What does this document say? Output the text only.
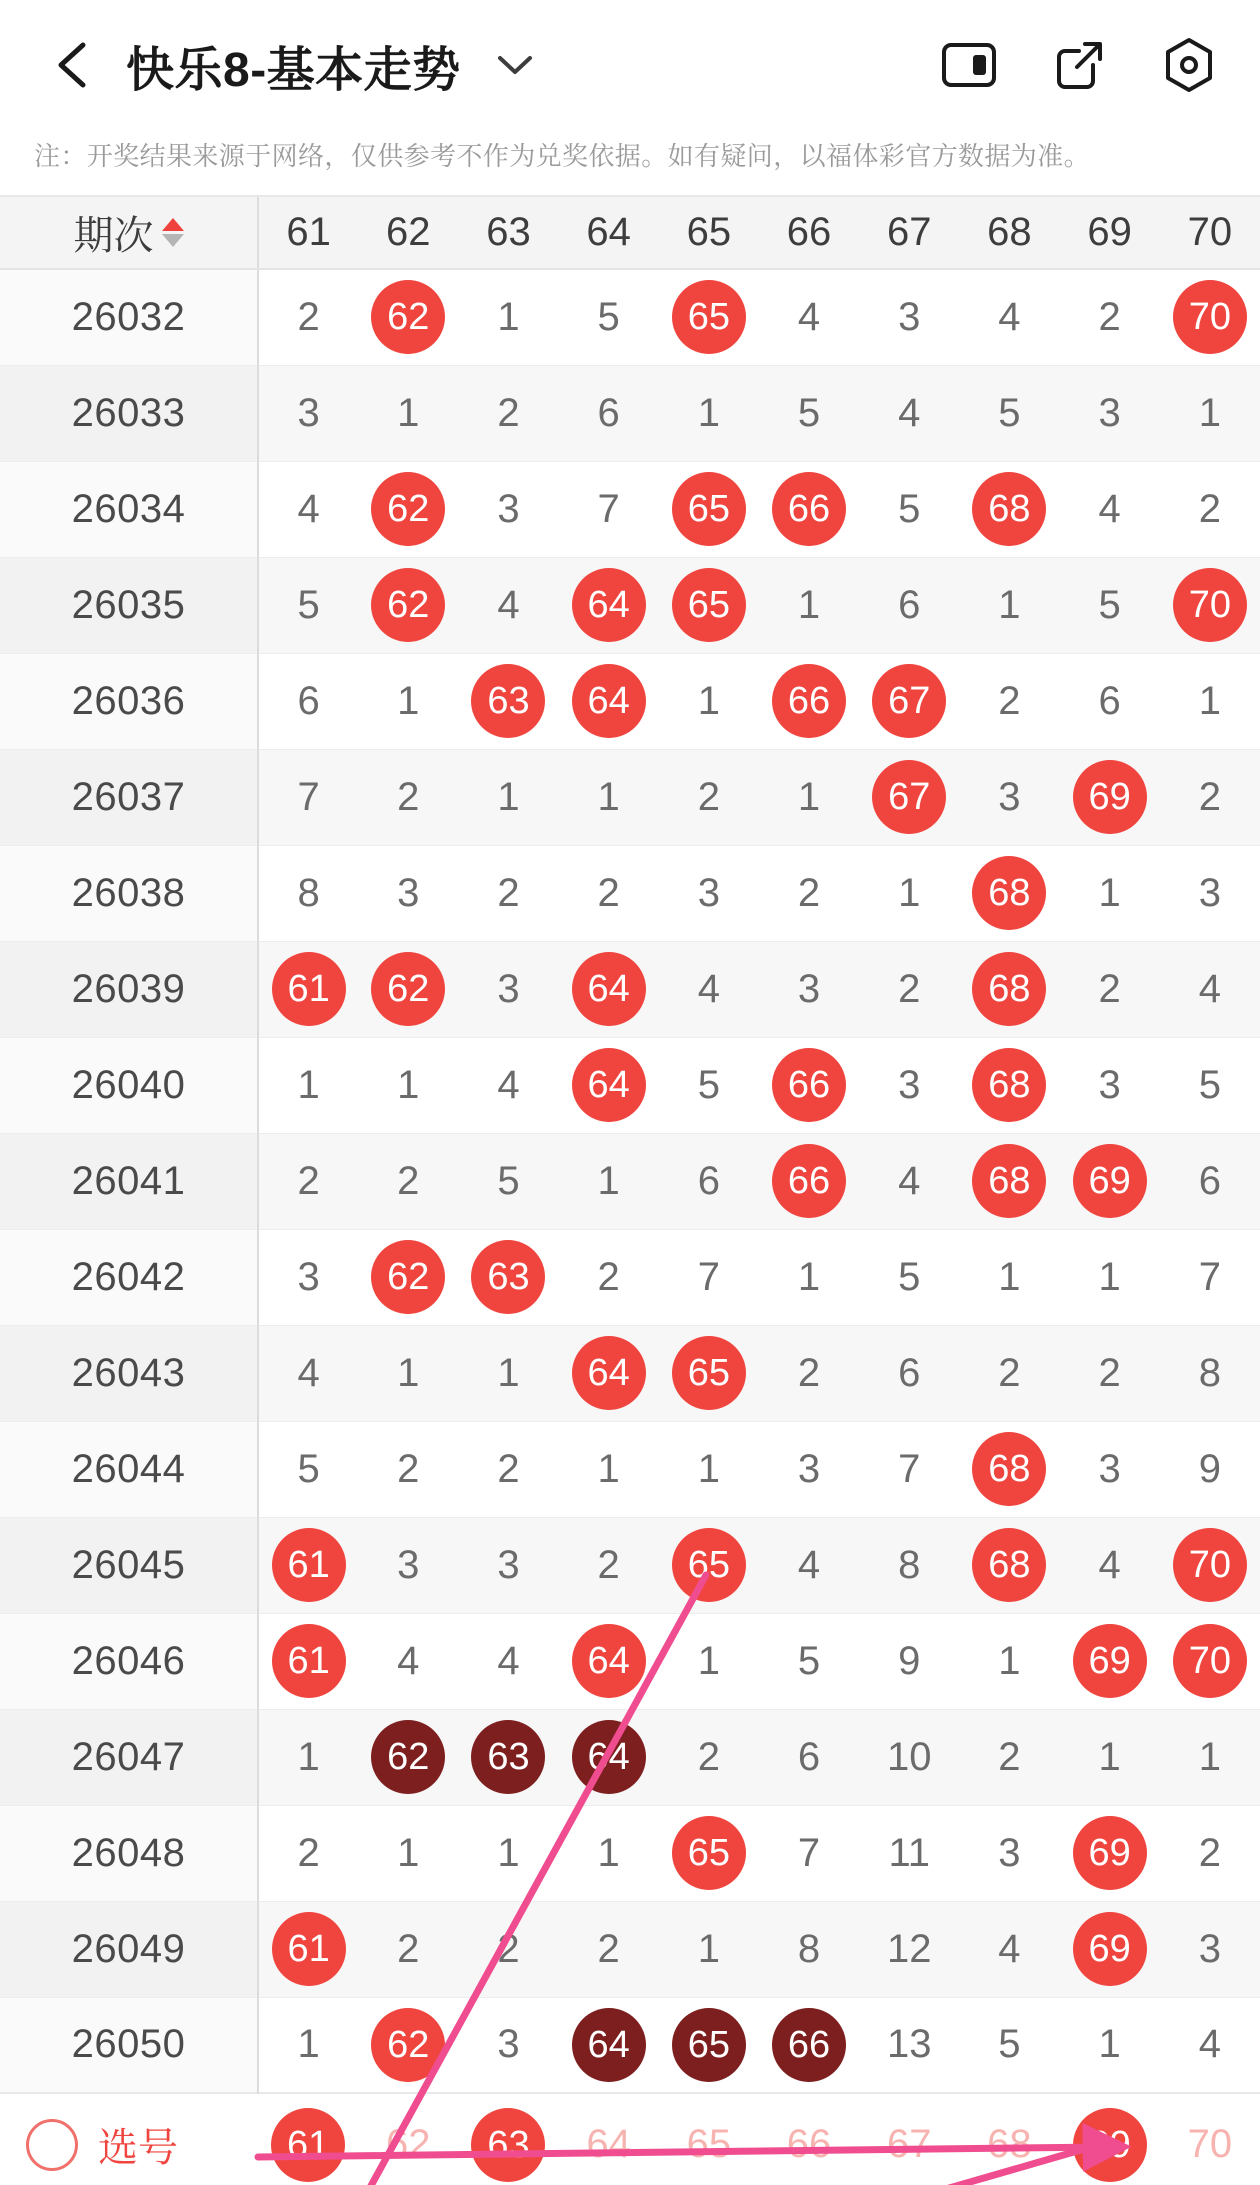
快乐8-基本走势
注：开奖结果来源于网络，仅供参考不作为兑奖依据。如有疑问，以福体彩官方数据为准。
期次	61	62	63	64	65	66	67	68	69	70
26032	2	62	1	5	65	4	3	4	2	70
26033	3	1	2	6	1	5	4	5	3	1
26034	4	62	3	7	65	66	5	68	4	2
26035	5	62	4	64	65	1	6	1	5	70
26036	6	1	63	64	1	66	67	2	6	1
26037	7	2	1	1	2	1	67	3	69	2
26038	8	3	2	2	3	2	1	68	1	3
26039	61	62	3	64	4	3	2	68	2	4
26040	1	1	4	64	5	66	3	68	3	5
26041	2	2	5	1	6	66	4	68	69	6
26042	3	62	63	2	7	1	5	1	1	7
26043	4	1	1	64	65	2	6	2	2	8
26044	5	2	2	1	1	3	7	68	3	9
26045	61	3	3	2	65	4	8	68	4	70
26046	61	4	4	64	1	5	9	1	69	70
26047	1	62	63	64	2	6	10	2	1	1
26048	2	1	1	1	65	7	11	3	69	2
26049	61	2	2	2	1	8	12	4	69	3
26050	1	62	3	64	65	66	13	5	1	4

选号	61	62	63	64	65	66	67	68	69	70
